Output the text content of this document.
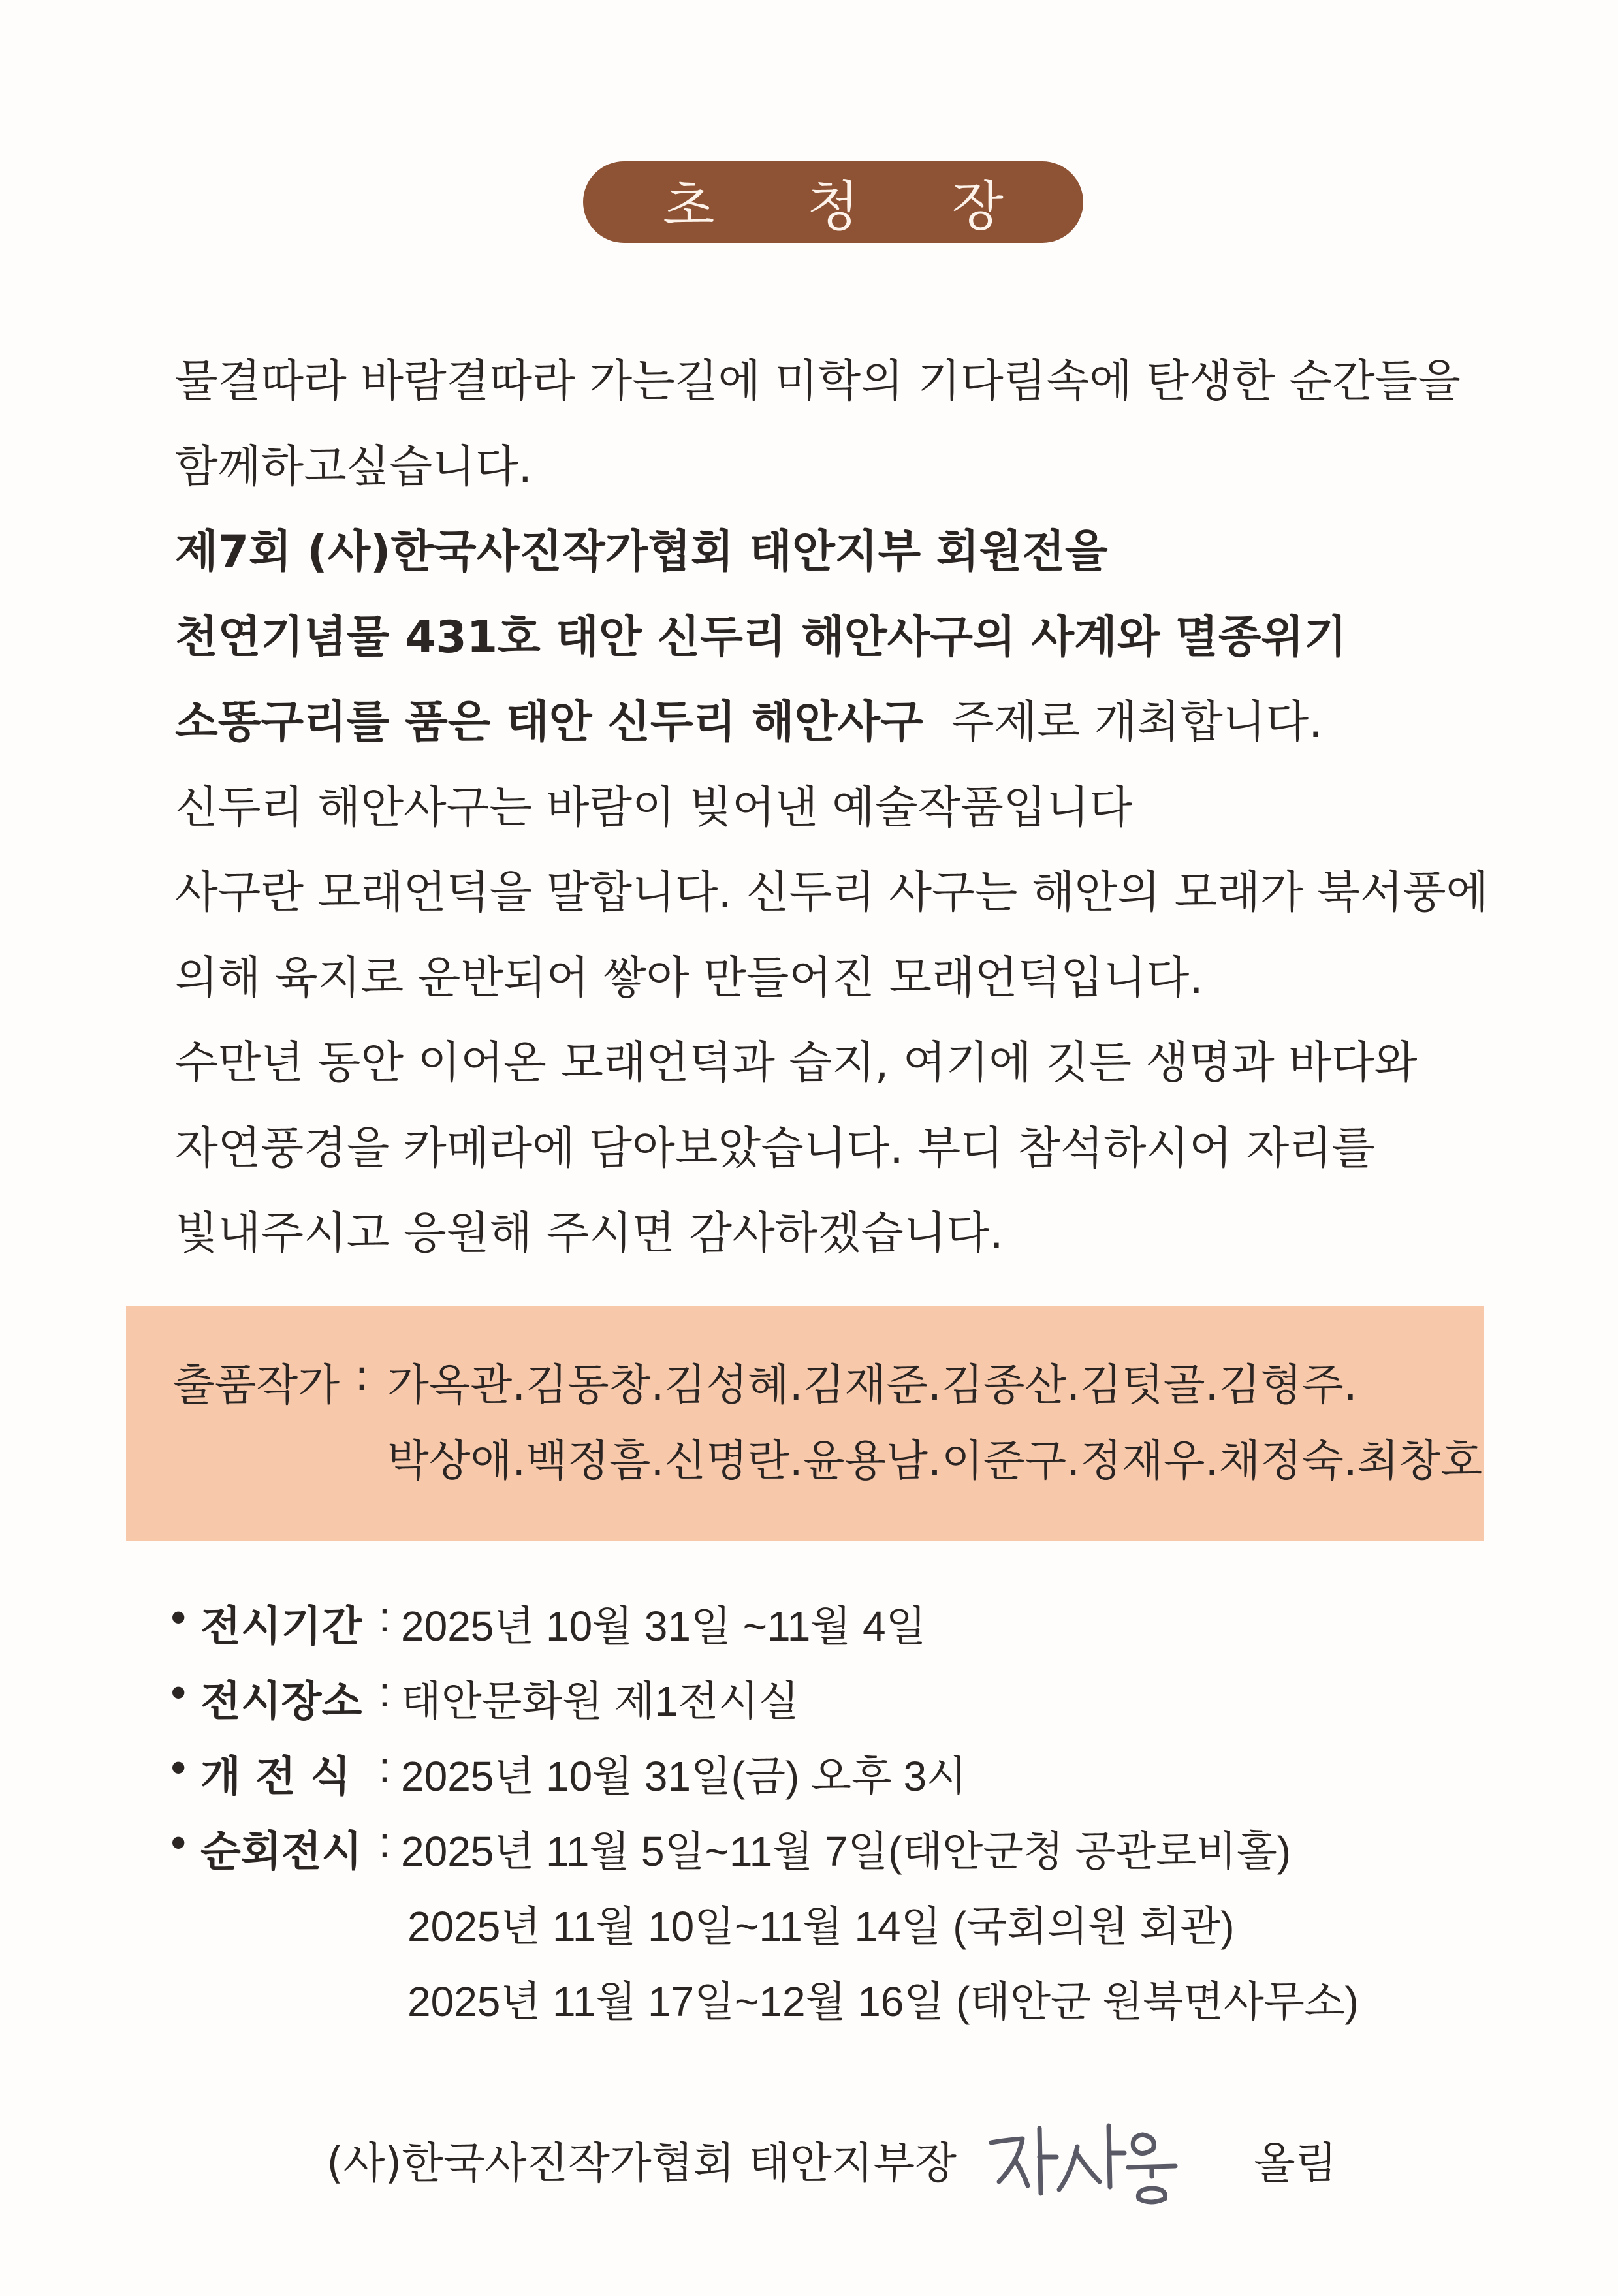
초 청 장
물결따라 바람결따라 가는길에 미학의 기다림속에 탄생한 순간들을
함께하고싶습니다.
제7회 (사)한국사진작가협회 태안지부 회원전을
천연기념물 431호 태안 신두리 해안사구의 사계와 멸종위기
소똥구리를 품은 태안 신두리 해안사구  주제로 개최합니다.
신두리 해안사구는 바람이 빚어낸 예술작품입니다
사구란 모래언덕을 말합니다. 신두리 사구는 해안의 모래가 북서풍에
의해 육지로 운반되어 쌓아 만들어진 모래언덕입니다.
수만년 동안 이어온 모래언덕과 습지, 여기에 깃든 생명과 바다와
자연풍경을 카메라에 담아보았습니다. 부디 참석하시어 자리를
빛내주시고 응원해 주시면 감사하겠습니다.
출품작가 : 가옥관.김동창.김성혜.김재준.김종산.김텃골.김형주.
박상애.백정흠.신명란.윤용남.이준구.정재우.채정숙.최창호
• 전시기간 : 2025년 10월 31일 ~11월 4일
• 전시장소 : 태안문화원 제1전시실
• 개 전 식 : 2025년 10월 31일(금) 오후 3시
• 순회전시 : 2025년 11월 5일~11월 7일(태안군청 공관로비홀)
2025년 11월 10일~11월 14일 (국회의원 회관)
2025년 11월 17일~12월 16일 (태안군 원북면사무소)
(사)한국사진작가협회 태안지부장	올림
